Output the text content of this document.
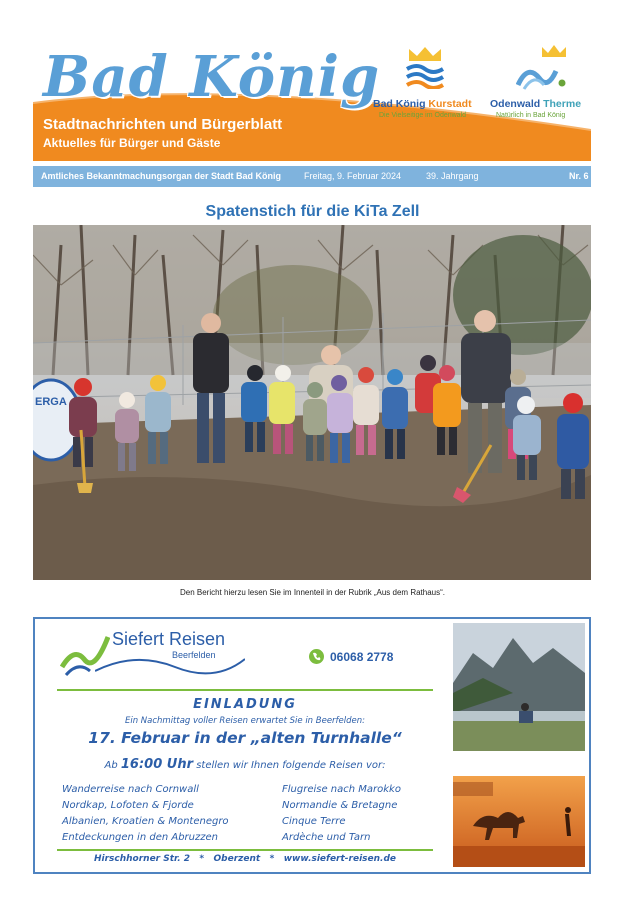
Bad König
Stadtnachrichten und Bürgerblatt
Aktuelles für Bürger und Gäste
Bad König Kurstadt
Die Vielseitige im Odenwald
Odenwald Therme
Natürlich in Bad König
Amtliches Bekanntmachungsorgan der Stadt Bad König	Freitag, 9. Februar 2024	39. Jahrgang	Nr. 6
Spatenstich für die KiTa Zell
ERGA
Den Bericht hierzu lesen Sie im Innenteil in der Rubrik „Aus dem Rathaus“.
Siefert Reisen
Beerfelden	06068 2778
EINLADUNG
Ein Nachmittag voller Reisen erwartet Sie in Beerfelden:
17. Februar in der „alten Turnhalle“
Ab 16:00 Uhr stellen wir Ihnen folgende Reisen vor:
Wanderreise nach Cornwall
Nordkap, Lofoten & Fjorde
Albanien, Kroatien & Montenegro
Entdeckungen in den Abruzzen
Flugreise nach Marokko
Normandie & Bretagne
Cinque Terre
Ardèche und Tarn
Hirschhorner Str. 2   *   Oberzent   *   www.siefert-reisen.de
